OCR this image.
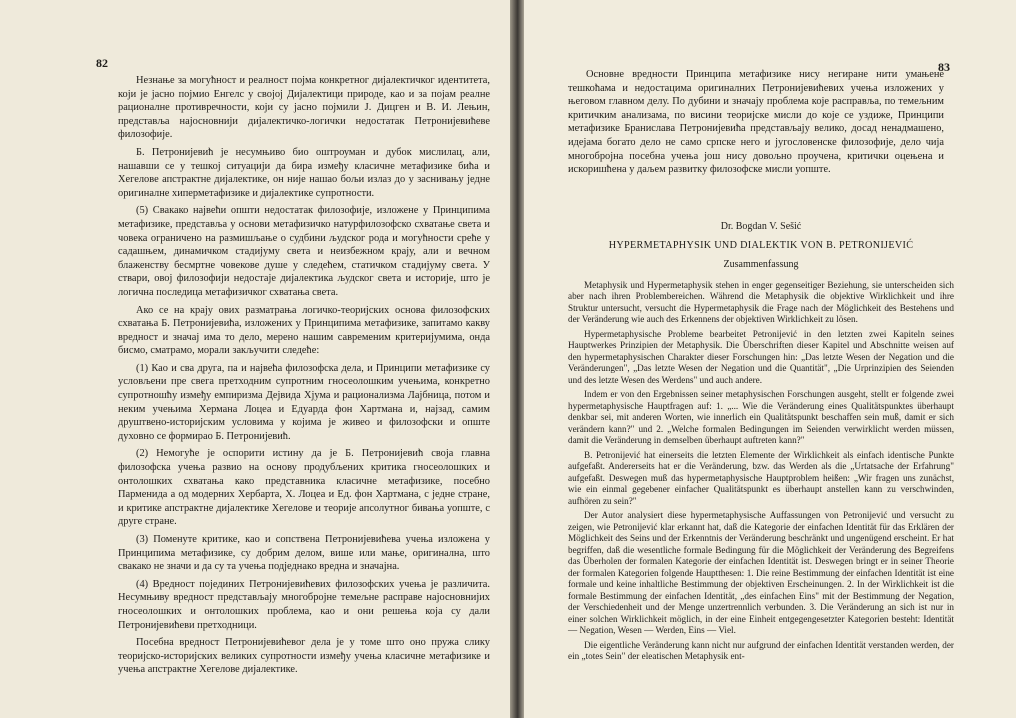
82

Незнање за могућност и реалност појма конкретног дијалектичког идентитета, који је јасно појмио Енгелс у својој Дијалектици природе, као и за појам реалне рационалне противречности, који су јасно појмили Ј. Дицген и В. И. Лењин, представља најосновнији дијалектичко-логички недостатак Петронијевићеве филозофије.

Б. Петронијевић је несумњиво био оштроуман и дубок мислилац, али, нашавши се у тешкој ситуацији да бира између класичне метафизике бића и Хегелове апстрактне дијалектике, он није нашао бољи излаз до у заснивању једне оригиналне хиперметафизике и дијалектике супротности.

(5) Свакако највећи општи недостатак филозофије, изложене у Принципима метафизике, представља у основи метафизичко натурфилозофско схватање света и човека ограничено на размишљање о судбини људског рода и могућности среће у садашњем, динамичком стадијуму света и неизбежном крају, али и вечном блаженству бесмртне човекове душе у следећем, статичком стадијуму света. У ствари, овој филозофији недостаје дијалектика људског света и историје, што је логична последица метафизичког схватања света.

Ако се на крају ових разматрања логичко-теоријских основа филозофских схватања Б. Петронијевића, изложених у Принципима метафизике, запитамо какву вредност и значај има то дело, мерено нашим савременим критеријумима, онда бисмо, сматрамо, морали закључити следеће:

(1) Као и сва друга, па и највећа филозофска дела, и Принципи метафизике су условљени пре свега претходним супротним гносеолошким учењима, конкретно супротношћу између емпиризма Дејвида Хјума и рационализма Лајбница, потом и неким учењима Хермана Лоцеа и Едуарда фон Хартмана и, најзад, самим друштвено-историјским условима у којима је живео и филозофски и опште духовно се формирао Б. Петронијевић.

(2) Немогуће је оспорити истину да је Б. Петронијевић своја главна филозофска учења развио на основу продубљених критика гносеолошких и онтолошких схватања како представника класичне метафизике, посебно Парменида а од модерних Хербарта, Х. Лоцеа и Ед. фон Хартмана, с једне стране, и критике апстрактне дијалектике Хегелове и теорије апсолутног бивања уопште, с друге стране.

(3) Поменуте критике, као и сопствена Петронијевићева учења изложена у Принципима метафизике, су добрим делом, више или мање, оригинална, што свакако не значи и да су та учења подједнако вредна и значајна.

(4) Вредност појединих Петронијевићевих филозофских учења је различита. Несумњиву вредност представљају многобројне темељне расправе најосновнијих гносеолошких и онтолошких проблема, као и они решења која су дали Петронијевићеви претходници.

Посебна вредност Петронијевићевог дела је у томе што оно пружа слику теоријско-историјских великих супротности између учења класичне метафизике и учења апстрактне Хегелове дијалектике.

83

Основне вредности Принципа метафизике нису негиране нити умањене тешкоћама и недостацима оригиналних Петронијевићевих учења изложених у његовом главном делу. По дубини и значају проблема које расправља, по темељним критичким анализама, по висини теоријске мисли до које се уздиже, Принципи метафизике Бранислава Петронијевића представљају велико, досад ненадмашено, идејама богато дело не само српске него и југословенске филозофије, дело чија многобројна посебна учења још нису довољно проучена, критички оцењена и искоришћена у даљем развитку филозофске мисли уопште.

Dr. Bogdan V. Sešić
HYPERMETAPHYSIK UND DIALEKTIK VON B. PETRONIJEVIĆ
Zusammenfassung

Metaphysik und Hypermetaphysik stehen in enger gegenseitiger Beziehung, sie unterscheiden sich aber nach ihren Problembereichen. Während die Metaphysik die objektive Wirklichkeit und ihre Struktur untersucht, versucht die Hypermetaphysik die Frage nach der Möglichkeit des Bestehens und der Veränderung wie auch des Erkennens der objektiven Wirklichkeit zu lösen.

Hypermetaphysische Probleme bearbeitet Petronijević in den letzten zwei Kapiteln seines Hauptwerkes Prinzipien der Metaphysik. Die Überschriften dieser Kapitel und Abschnitte weisen auf den hypermetaphysischen Charakter dieser Forschungen hin: „Das letzte Wesen der Negation und die Veränderungen", „Das letzte Wesen der Negation und die Quantität", „Die Urprinzipien des Seienden und des letzte Wesen des Werdens" und auch andere.

Indem er von den Ergebnissen seiner metaphysischen Forschungen ausgeht, stellt er folgende zwei hypermetaphysische Hauptfragen auf: 1. „... Wie die Veränderung eines Qualitätspunktes überhaupt denkbar sei, mit anderen Worten, wie innerlich ein Qualitätspunkt beschaffen sein muß, damit er sich verändern kann?" und 2. „Welche formalen Bedingungen im Seienden verwirklicht werden müssen, damit die Veränderung in demselben überhaupt auftreten kann?"

B. Petronijević hat einerseits die letzten Elemente der Wirklichkeit als einfach identische Punkte aufgefaßt. Andererseits hat er die Veränderung, bzw. das Werden als die „Urtatsache der Erfahrung" aufgefaßt. Deswegen muß das hypermetaphysische Hauptproblem heißen: „Wir fragen uns zunächst, wie ein einmal gegebener einfacher Qualitätspunkt es überhaupt anstellen kann zu verschwinden, aufhören zu sein?"

Der Autor analysiert diese hypermetaphysische Auffassungen von Petronijević und versucht zu zeigen, wie Petronijević klar erkannt hat, daß die Kategorie der einfachen Identität für das Erklären der Möglichkeit des Seins und der Erkenntnis der Veränderung beschränkt und ungenügend erscheint. Er hat begriffen, daß die wesentliche formale Bedingung für die Möglichkeit der Veränderung des Begreifens das Überholen der formalen Kategorie der einfachen Identität ist. Deswegen bringt er in seiner Theorie der formalen Kategorien folgende Hauptthesen: 1. Die reine Bestimmung der einfachen Identität ist eine formale und keine inhaltliche Bestimmung der objektiven Erscheinungen. 2. In der Wirklichkeit ist die formale Bestimmung der einfachen Identität, „des einfachen Eins" mit der Bestimmung der Negation, der Verschiedenheit und der Menge unzertrennlich verbunden. 3. Die Veränderung an sich ist nur in einer solchen Wirklichkeit möglich, in der eine Einheit entgegengesetzter Kategorien besteht: Identität — Negation, Wesen — Werden, Eins — Viel.

Die eigentliche Veränderung kann nicht nur aufgrund der einfachen Identität verstanden werden, der ein „totes Sein" der eleatischen Metaphysik ent-
